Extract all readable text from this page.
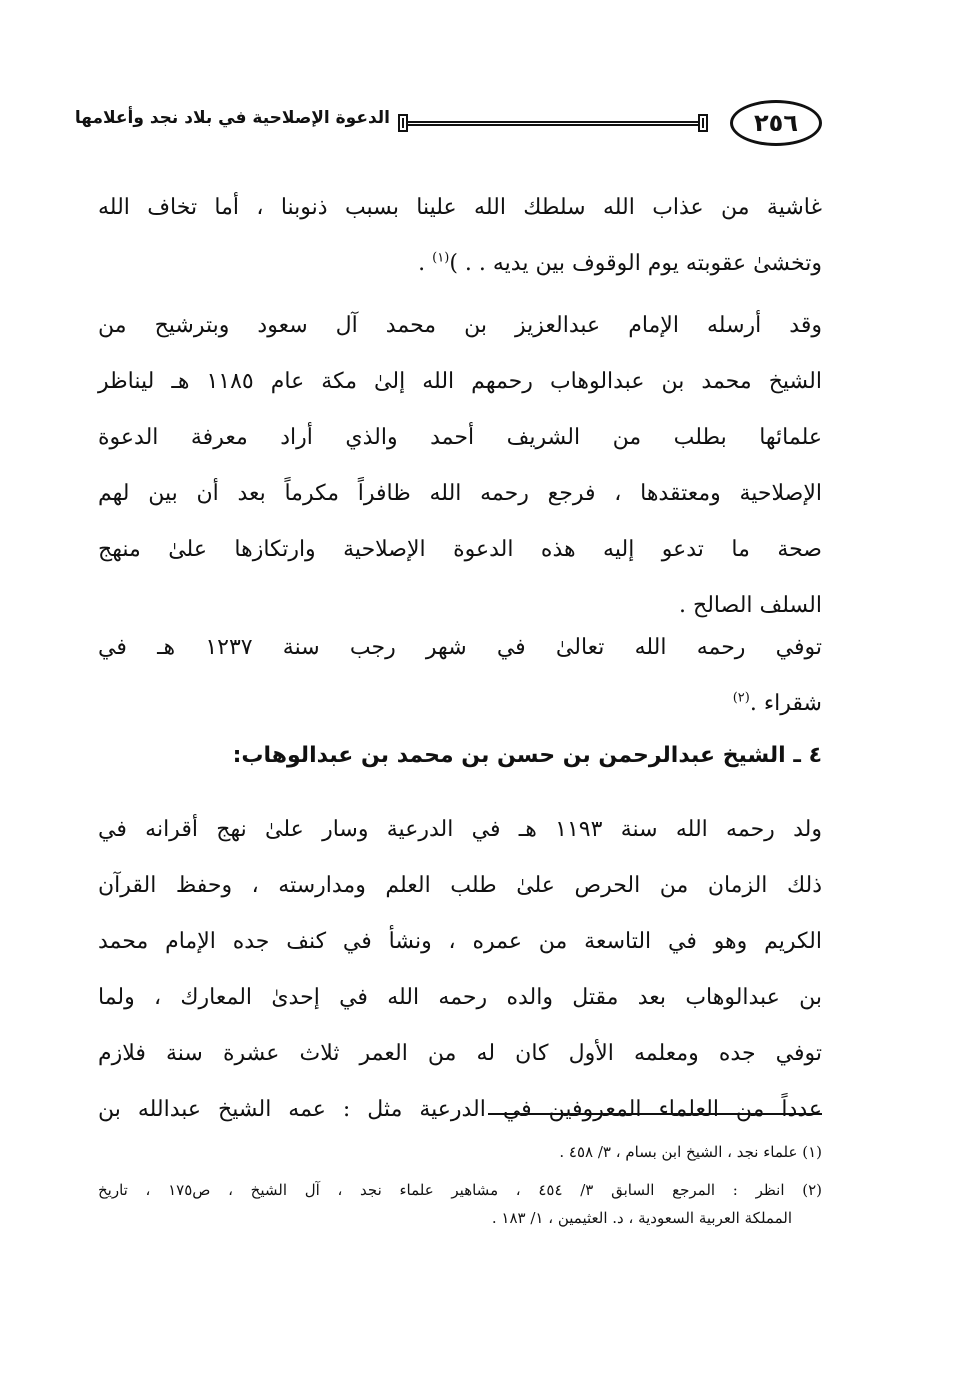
٢٥٦
الدعوة الإصلاحية في بلاد نجد وأعلامها
غاشية من عذاب الله سلطك الله علينا بسبب ذنوبنا ، أما تخاف الله
وتخشىٰ عقوبته يوم الوقوف بين يديه . . )$^{(١)}$ .
وقد أرسله الإمام عبدالعزيز بن محمد آل سعود وبترشيح من
الشيخ محمد بن عبدالوهاب رحمهم الله إلىٰ مكة عام ١١٨٥ هـ ليناظر
علمائها بطلب من الشريف أحمد والذي أراد معرفة الدعوة
الإصلاحية ومعتقدها ، فرجع رحمه الله ظافراً مكرماً بعد أن بين لهم
صحة ما تدعو إليه هذه الدعوة الإصلاحية وارتكازها علىٰ منهج
السلف الصالح .
توفي رحمه الله تعالىٰ في شهر رجب سنة ١٢٣٧ هـ في
شقراء .$^{(٢)}$
٤ ـ الشيخ عبدالرحمن بن حسن بن محمد بن عبدالوهاب:
ولد رحمه الله سنة ١١٩٣ هـ في الدرعية وسار علىٰ نهج أقرانه في
ذلك الزمان من الحرص علىٰ طلب العلم ومدارسته ، وحفظ القرآن
الكريم وهو في التاسعة من عمره ، ونشأ في كنف جده الإمام محمد
بن عبدالوهاب بعد مقتل والده رحمه الله في إحدىٰ المعارك ، ولما
توفي جده ومعلمه الأول كان له من العمر ثلاث عشرة سنة فلازم
عدداً من العلماء المعروفين في الدرعية مثل : عمه الشيخ عبدالله بن
(١) علماء نجد ، الشيخ ابن بسام ، ٣/ ٤٥٨ .
(٢) انظر : المرجع السابق ٣/ ٤٥٤ ، مشاهير علماء نجد ، آل الشيخ ، ص١٧٥ ، تاريخ
المملكة العربية السعودية ، د. العثيمين ، ١/ ١٨٣ .
